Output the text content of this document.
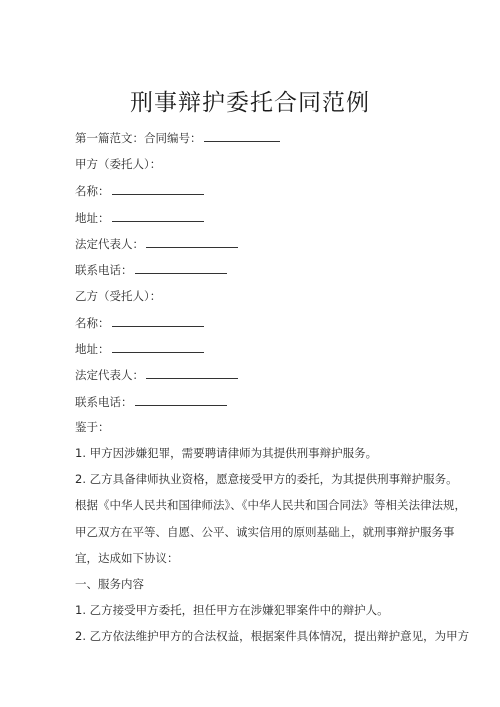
刑事辩护委托合同范例
第一篇范文：合同编号：
甲方（委托人）：
名称：
地址：
法定代表人：
联系电话：
乙方（受托人）：
名称：
地址：
法定代表人：
联系电话：
鉴于：
1. 甲方因涉嫌犯罪，需要聘请律师为其提供刑事辩护服务。
2. 乙方具备律师执业资格，愿意接受甲方的委托，为其提供刑事辩护服务。
根据《中华人民共和国律师法》、《中华人民共和国合同法》等相关法律法规，
甲乙双方在平等、自愿、公平、诚实信用的原则基础上，就刑事辩护服务事
宜，达成如下协议：
一、服务内容
1. 乙方接受甲方委托，担任甲方在涉嫌犯罪案件中的辩护人。
2. 乙方依法维护甲方的合法权益，根据案件具体情况，提出辩护意见，为甲方
